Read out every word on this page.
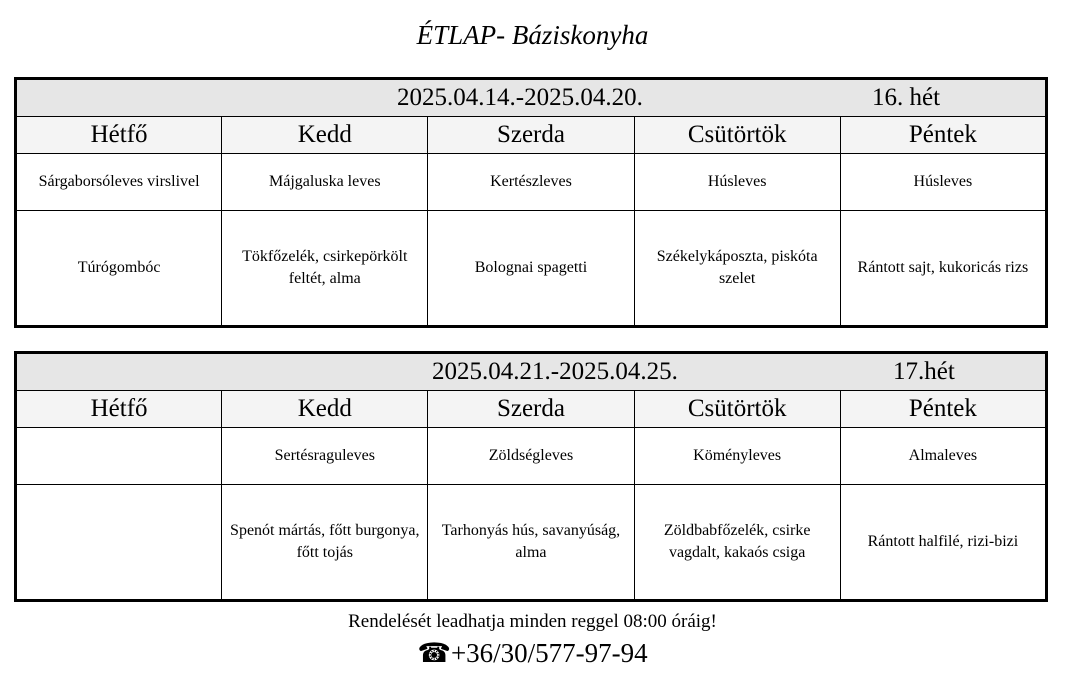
ÉTLAP- Báziskonyha
2025.04.14.-2025.04.20. 16. hét				

Hétfő	Kedd	Szerda	Csütörtök	Péntek
Sárgaborsóleves virslivel	Májgaluska leves	Kertészleves	Húsleves	Húsleves
Túrógombóc	Tökfőzelék, csirkepörkölt feltét, alma	Bolognai spagetti	Székelykáposzta, piskóta szelet	Rántott sajt, kukoricás rizs
2025.04.21.-2025.04.25. 17.hét				

Hétfő	Kedd	Szerda	Csütörtök	Péntek
	Sertésraguleves	Zöldségleves	Köményleves	Almaleves
	Spenót mártás, főtt burgonya, főtt tojás	Tarhonyás hús, savanyúság, alma	Zöldbabfőzelék, csirke vagdalt, kakaós csiga	Rántott halfilé, rizi-bizi
Rendelését leadhatja minden reggel 08:00 óráig!
☎+36/30/577-97-94
